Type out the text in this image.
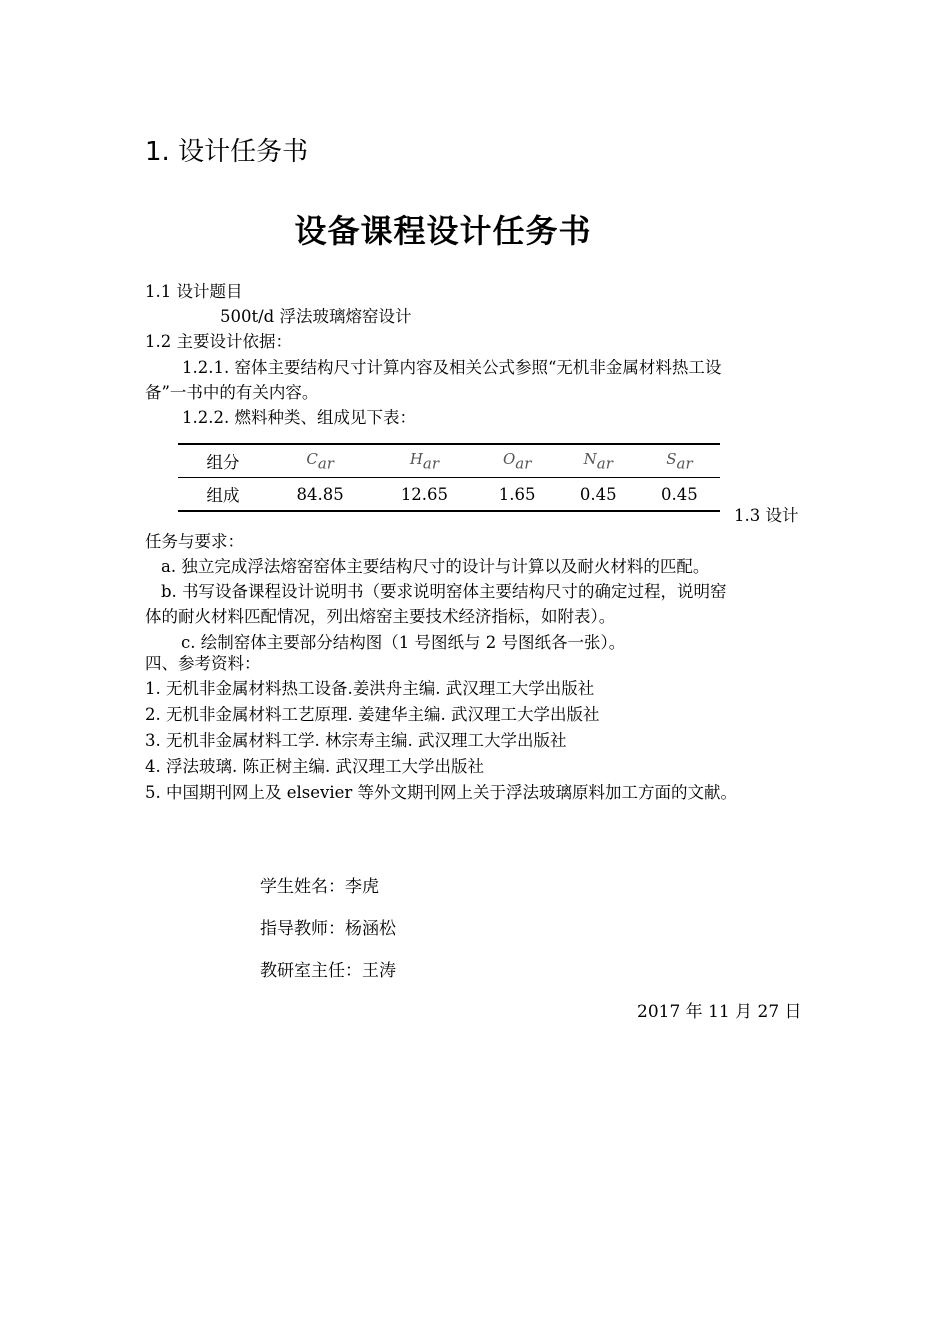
1. 设计任务书
设备课程设计任务书
1.1 设计题目
500t/d 浮法玻璃熔窑设计
1.2 主要设计依据：
1.2.1. 窑体主要结构尺寸计算内容及相关公式参照“无机非金属材料热工设
备”一书中的有关内容。
1.2.2. 燃料种类、组成见下表：
组分	$C_{ar}$	$H_{ar}$	$O_{ar}$	$N_{ar}$	$S_{ar}$
组成	84.85	12.65	1.65	0.45	0.45
1.3 设计
任务与要求：
a. 独立完成浮法熔窑窑体主要结构尺寸的设计与计算以及耐火材料的匹配。
b. 书写设备课程设计说明书（要求说明窑体主要结构尺寸的确定过程，说明窑
体的耐火材料匹配情况，列出熔窑主要技术经济指标，如附表）。
c. 绘制窑体主要部分结构图（1 号图纸与 2 号图纸各一张）。
四、参考资料：
1. 无机非金属材料热工设备.姜洪舟主编. 武汉理工大学出版社
2. 无机非金属材料工艺原理. 姜建华主编. 武汉理工大学出版社
3. 无机非金属材料工学. 林宗寿主编. 武汉理工大学出版社
4. 浮法玻璃. 陈正树主编. 武汉理工大学出版社
5. 中国期刊网上及 elsevier 等外文期刊网上关于浮法玻璃原料加工方面的文献。
学生姓名：李虎
指导教师：杨涵松
教研室主任：王涛
2017 年 11 月 27 日
